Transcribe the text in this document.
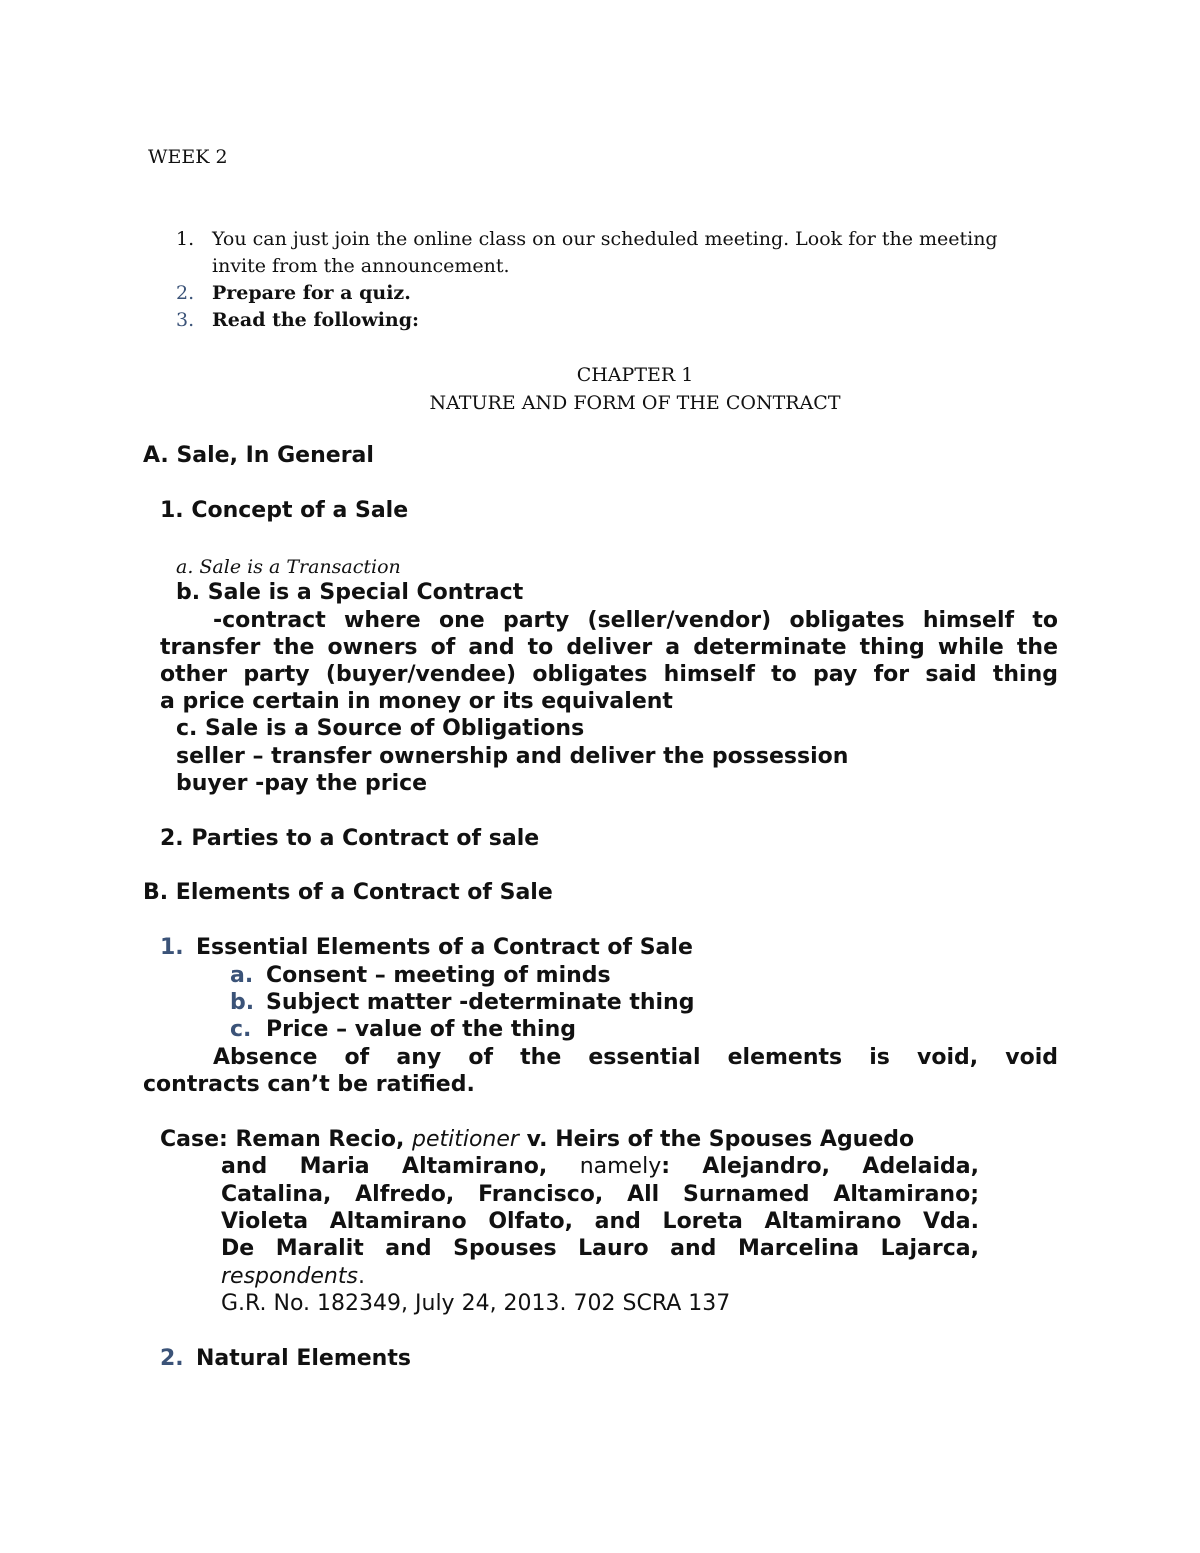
WEEK 2
1. You can just join the online class on our scheduled meeting. Look for the meeting
invite from the announcement.
2. Prepare for a quiz.
3. Read the following:
CHAPTER 1
NATURE AND FORM OF THE CONTRACT
A. Sale, In General
1. Concept of a Sale
a. Sale is a Transaction
b. Sale is a Special Contract
-contract where one party (seller/vendor) obligates himself to
transfer the owners of and to deliver a determinate thing while the
other party (buyer/vendee) obligates himself to pay for said thing
a price certain in money or its equivalent
c. Sale is a Source of Obligations
seller – transfer ownership and deliver the possession
buyer -pay the price
2. Parties to a Contract of sale
B. Elements of a Contract of Sale
1. Essential Elements of a Contract of Sale
a. Consent – meeting of minds
b. Subject matter -determinate thing
c. Price – value of the thing
Absence of any of the essential elements is void, void
contracts can’t be ratified.
Case: Reman Recio, petitioner v. Heirs of the Spouses Aguedo
and Maria Altamirano, namely: Alejandro, Adelaida,
Catalina, Alfredo, Francisco, All Surnamed Altamirano;
Violeta Altamirano Olfato, and Loreta Altamirano Vda.
De Maralit and Spouses Lauro and Marcelina Lajarca,
respondents.
G.R. No. 182349, July 24, 2013. 702 SCRA 137
2. Natural Elements
